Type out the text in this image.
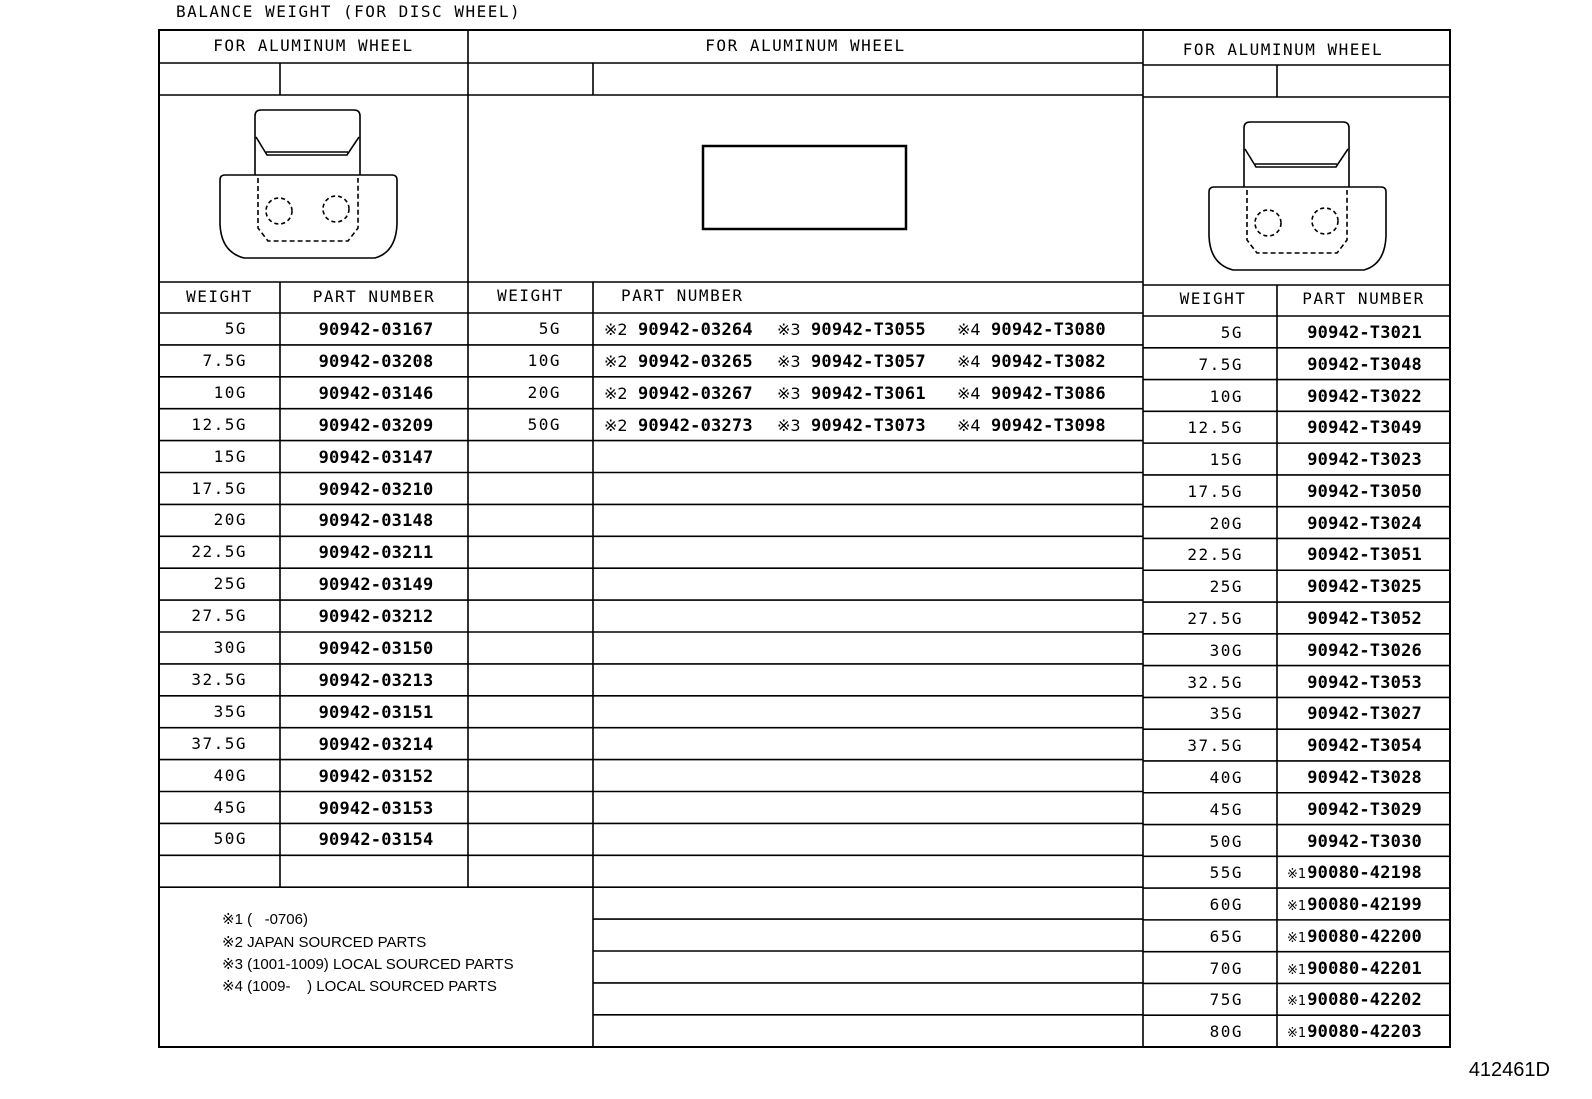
BALANCE WEIGHT (FOR DISC WHEEL)
412461D
FOR ALUMINUM WHEEL
WEIGHT	PART NUMBER
5G	90942-03167
7.5G	90942-03208
10G	90942-03146
12.5G	90942-03209
15G	90942-03147
17.5G	90942-03210
20G	90942-03148
22.5G	90942-03211
25G	90942-03149
27.5G	90942-03212
30G	90942-03150
32.5G	90942-03213
35G	90942-03151
37.5G	90942-03214
40G	90942-03152
45G	90942-03153
50G	90942-03154
FOR ALUMINUM WHEEL
WEIGHT	PART NUMBER
5G	※2 90942-03264	※3 90942-T3055	※4 90942-T3080
10G	※2 90942-03265	※3 90942-T3057	※4 90942-T3082
20G	※2 90942-03267	※3 90942-T3061	※4 90942-T3086
50G	※2 90942-03273	※3 90942-T3073	※4 90942-T3098
FOR ALUMINUM WHEEL
WEIGHT	PART NUMBER
5G	90942-T3021
7.5G	90942-T3048
10G	90942-T3022
12.5G	90942-T3049
15G	90942-T3023
17.5G	90942-T3050
20G	90942-T3024
22.5G	90942-T3051
25G	90942-T3025
27.5G	90942-T3052
30G	90942-T3026
32.5G	90942-T3053
35G	90942-T3027
37.5G	90942-T3054
40G	90942-T3028
45G	90942-T3029
50G	90942-T3030
55G	※190080-42198
60G	※190080-42199
65G	※190080-42200
70G	※190080-42201
75G	※190080-42202
80G	※190080-42203
※1 (   -0706)
※2 JAPAN SOURCED PARTS
※3 (1001-1009) LOCAL SOURCED PARTS
※4 (1009-    ) LOCAL SOURCED PARTS
